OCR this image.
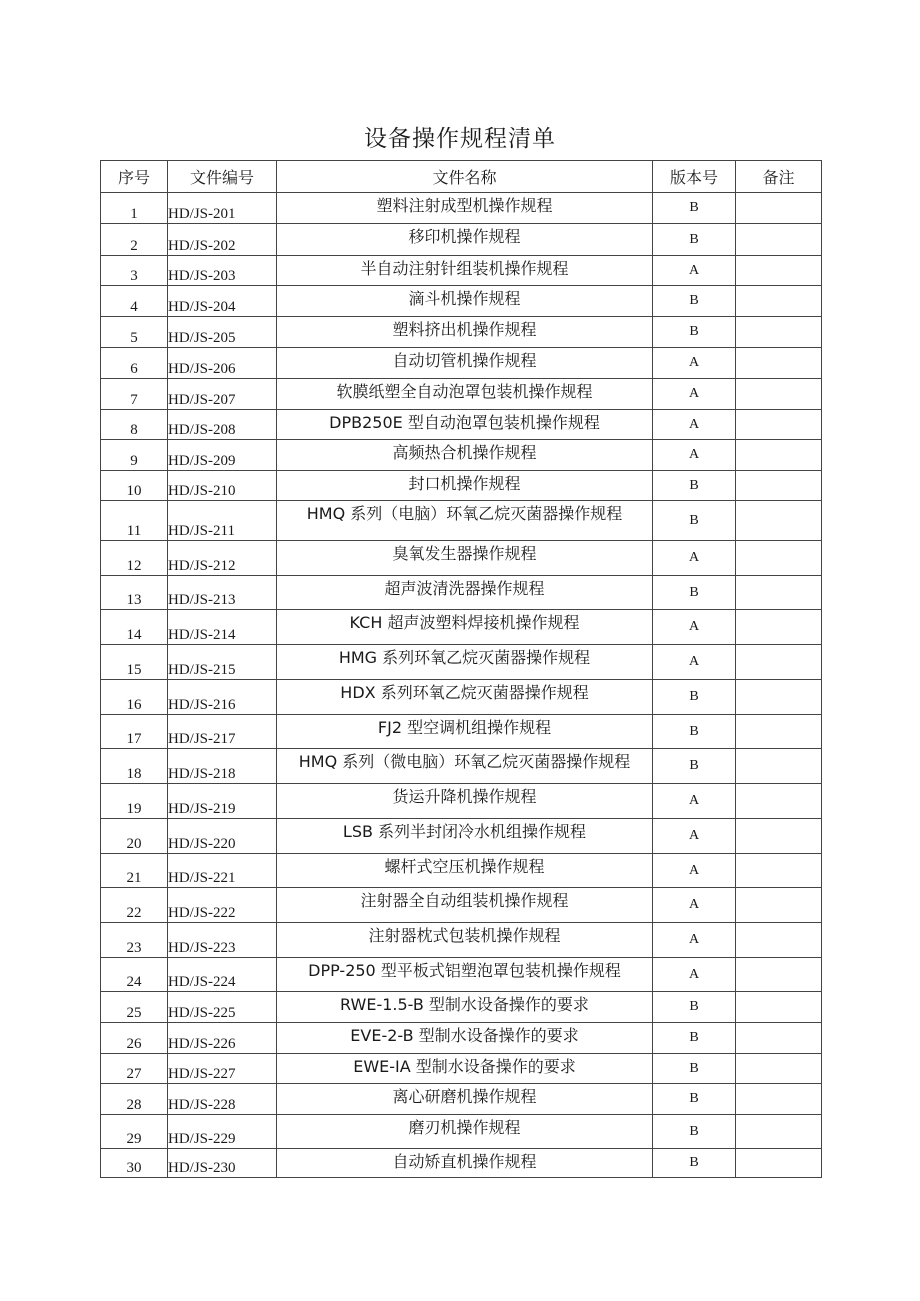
设备操作规程清单
序号	文件编号	文件名称	版本号	备注
1	HD/JS-201	塑料注射成型机操作规程	B	
2	HD/JS-202	移印机操作规程	B	
3	HD/JS-203	半自动注射针组装机操作规程	A	
4	HD/JS-204	滴斗机操作规程	B	
5	HD/JS-205	塑料挤出机操作规程	B	
6	HD/JS-206	自动切管机操作规程	A	
7	HD/JS-207	软膜纸塑全自动泡罩包装机操作规程	A	
8	HD/JS-208	DPB250E 型自动泡罩包装机操作规程	A	
9	HD/JS-209	高频热合机操作规程	A	
10	HD/JS-210	封口机操作规程	B	
11	HD/JS-211	HMQ 系列（电脑）环氧乙烷灭菌器操作规程	B	
12	HD/JS-212	臭氧发生器操作规程	A	
13	HD/JS-213	超声波清洗器操作规程	B	
14	HD/JS-214	KCH 超声波塑料焊接机操作规程	A	
15	HD/JS-215	HMG 系列环氧乙烷灭菌器操作规程	A	
16	HD/JS-216	HDX 系列环氧乙烷灭菌器操作规程	B	
17	HD/JS-217	FJ2 型空调机组操作规程	B	
18	HD/JS-218	HMQ 系列（微电脑）环氧乙烷灭菌器操作规程	B	
19	HD/JS-219	货运升降机操作规程	A	
20	HD/JS-220	LSB 系列半封闭冷水机组操作规程	A	
21	HD/JS-221	螺杆式空压机操作规程	A	
22	HD/JS-222	注射器全自动组装机操作规程	A	
23	HD/JS-223	注射器枕式包装机操作规程	A	
24	HD/JS-224	DPP-250 型平板式铝塑泡罩包装机操作规程	A	
25	HD/JS-225	RWE-1.5-B 型制水设备操作的要求	B	
26	HD/JS-226	EVE-2-B 型制水设备操作的要求	B	
27	HD/JS-227	EWE-IA 型制水设备操作的要求	B	
28	HD/JS-228	离心研磨机操作规程	B	
29	HD/JS-229	磨刃机操作规程	B	
30	HD/JS-230	自动矫直机操作规程	B	
